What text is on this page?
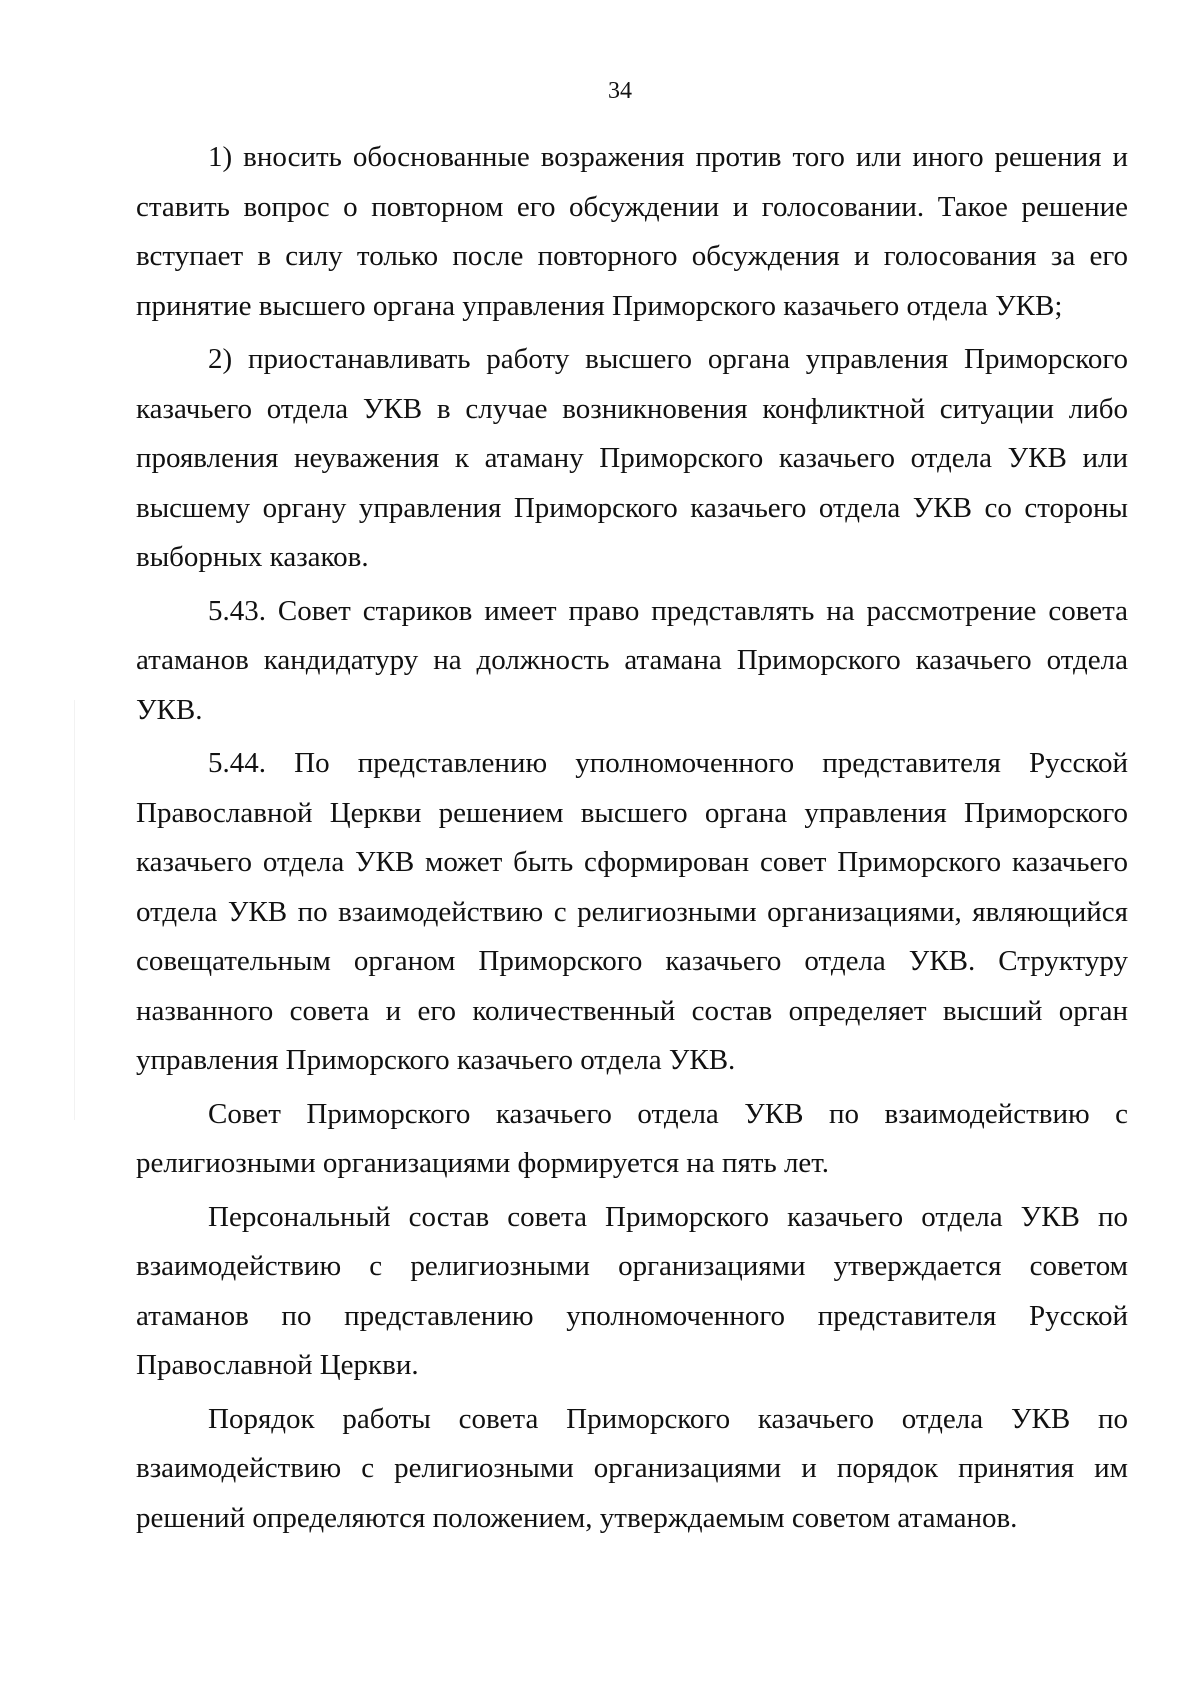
34

1) вносить обоснованные возражения против того или иного решения и ставить вопрос о повторном его обсуждении и голосовании. Такое решение вступает в силу только после повторного обсуждения и голосования за его принятие высшего органа управления Приморского казачьего отдела УКВ;

2) приостанавливать работу высшего органа управления Приморского казачьего отдела УКВ в случае возникновения конфликтной ситуации либо проявления неуважения к атаману Приморского казачьего отдела УКВ или высшему органу управления Приморского казачьего отдела УКВ со стороны выборных казаков.

5.43. Совет стариков имеет право представлять на рассмотрение совета атаманов кандидатуру на должность атамана Приморского казачьего отдела УКВ.

5.44. По представлению уполномоченного представителя Русской Православной Церкви решением высшего органа управления Приморского казачьего отдела УКВ может быть сформирован совет Приморского казачьего отдела УКВ по взаимодействию с религиозными организациями, являющийся совещательным органом Приморского казачьего отдела УКВ. Структуру названного совета и его количественный состав определяет высший орган управления Приморского казачьего отдела УКВ.

Совет Приморского казачьего отдела УКВ по взаимодействию с религиозными организациями формируется на пять лет.

Персональный состав совета Приморского казачьего отдела УКВ по взаимодействию с религиозными организациями утверждается советом атаманов по представлению уполномоченного представителя Русской Православной Церкви.

Порядок работы совета Приморского казачьего отдела УКВ по взаимодействию с религиозными организациями и порядок принятия им решений определяются положением, утверждаемым советом атаманов.
